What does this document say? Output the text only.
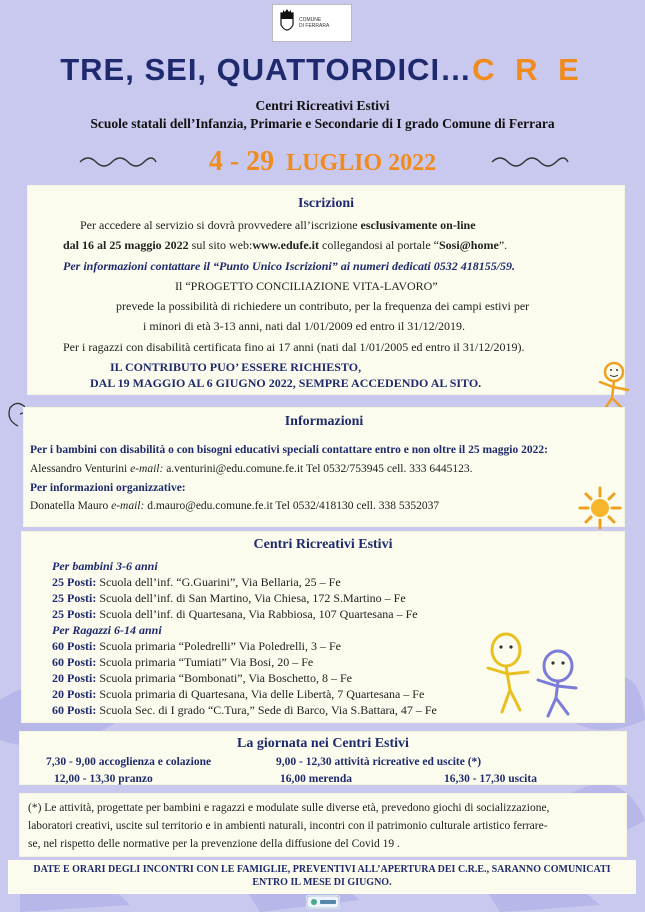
COMUNE
DI FERRARA
TRE, SEI, QUATTORDICI…C R E
Centri Ricreativi Estivi
Scuole statali dell’Infanzia, Primarie e Secondarie di I grado Comune di Ferrara
4 - 29 LUGLIO 2022
Iscrizioni
Per accedere al servizio si dovrà provvedere all’iscrizione esclusivamente on-line
dal 16 al 25 maggio 2022 sul sito web:www.edufe.it collegandosi al portale “Sosi@home”.
Per informazioni contattare il “Punto Unico Iscrizioni” ai numeri dedicati 0532 418155/59.
Il “PROGETTO CONCILIAZIONE VITA-LAVORO”
prevede la possibilità di richiedere un contributo, per la frequenza dei campi estivi per
i minori di età 3-13 anni, nati dal 1/01/2009 ed entro il 31/12/2019.
Per i ragazzi con disabilità certificata fino ai 17 anni (nati dal 1/01/2005 ed entro il 31/12/2019).
IL CONTRIBUTO PUO’ ESSERE RICHIESTO,
DAL 19 MAGGIO AL 6 GIUGNO 2022, SEMPRE ACCEDENDO AL SITO.
Informazioni
Per i bambini con disabilità o con bisogni educativi speciali contattare entro e non oltre il 25 maggio 2022:
Alessandro Venturini e-mail: a.venturini@edu.comune.fe.it Tel 0532/753945 cell. 333 6445123.
Per informazioni organizzative:
Donatella Mauro e-mail: d.mauro@edu.comune.fe.it Tel 0532/418130 cell. 338 5352037
Centri Ricreativi Estivi
Per bambini 3-6 anni
25 Posti: Scuola dell’inf. “G.Guarini”, Via Bellaria, 25 – Fe
25 Posti: Scuola dell’inf. di San Martino, Via Chiesa, 172 S.Martino – Fe
25 Posti: Scuola dell’inf. di Quartesana, Via Rabbiosa, 107 Quartesana – Fe
Per Ragazzi 6-14 anni
60 Posti: Scuola primaria “Poledrelli” Via Poledrelli, 3 – Fe
60 Posti: Scuola primaria “Tumiati” Via Bosi, 20 – Fe
20 Posti: Scuola primaria “Bombonati”, Via Boschetto, 8 – Fe
20 Posti: Scuola primaria di Quartesana, Via delle Libertà, 7 Quartesana – Fe
60 Posti: Scuola Sec. di I grado “C.Tura,” Sede di Barco, Via S.Battara, 47 – Fe
La giornata nei Centri Estivi
7,30 - 9,00 accoglienza e colazione	9,00 - 12,30 attività ricreative ed uscite (*)
12,00 - 13,30 pranzo	16,00 merenda	16,30 - 17,30 uscita
(*) Le attività, progettate per bambini e ragazzi e modulate sulle diverse età, prevedono giochi di socializzazione,
laboratori creativi, uscite sul territorio e in ambienti naturali, incontri con il patrimonio culturale artistico ferrare-
se, nel rispetto delle normative per la prevenzione della diffusione del Covid 19 .
DATE E ORARI DEGLI INCONTRI CON LE FAMIGLIE, PREVENTIVI ALL’APERTURA DEI C.R.E., SARANNO COMUNICATI
ENTRO IL MESE DI GIUGNO.
